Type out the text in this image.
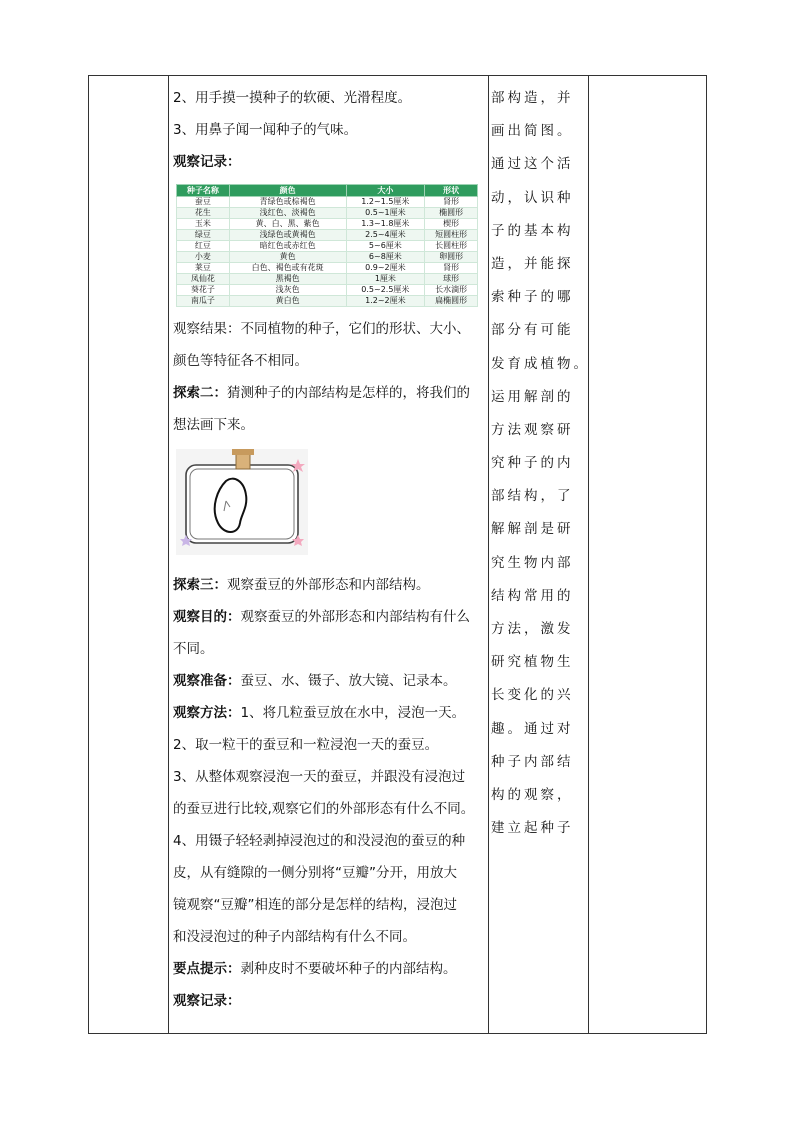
2、用手摸一摸种子的软硬、光滑程度。

3、用鼻子闻一闻种子的气味。

观察记录：

种子名称	颜色	大小	形状
蚕豆	青绿色或棕褐色	1.2~1.5厘米	肾形
花生	浅红色、淡褐色	0.5~1厘米	椭圆形
玉米	黄、白、黑、紫色	1.3~1.8厘米	楔形
绿豆	浅绿色或黄褐色	2.5~4厘米	短圆柱形
红豆	暗红色或赤红色	5~6厘米	长圆柱形
小麦	黄色	6~8厘米	卵圆形
莱豆	白色、褐色或有花斑	0.9~2厘米	肾形
凤仙花	黑褐色	1厘米	球形
葵花子	浅灰色	0.5~2.5厘米	长水滴形
南瓜子	黄白色	1.2~2厘米	扁椭圆形

观察结果：不同植物的种子，它们的形状、大小、

颜色等特征各不相同。

探索二：猜测种子的内部结构是怎样的，将我们的

想法画下来。

探索三：观察蚕豆的外部形态和内部结构。

观察目的：观察蚕豆的外部形态和内部结构有什么

不同。

观察准备：蚕豆、水、镊子、放大镜、记录本。

观察方法：1、将几粒蚕豆放在水中，浸泡一天。

2、取一粒干的蚕豆和一粒浸泡一天的蚕豆。

3、从整体观察浸泡一天的蚕豆，并跟没有浸泡过

的蚕豆进行比较,观察它们的外部形态有什么不同。

4、用镊子轻轻剥掉浸泡过的和没浸泡的蚕豆的种

皮，从有缝隙的一侧分别将“豆瓣”分开，用放大

镜观察“豆瓣”相连的部分是怎样的结构，浸泡过

和没浸泡过的种子内部结构有什么不同。

要点提示：剥种皮时不要破坏种子的内部结构。

观察记录：

部构造，并

画出简图。

通过这个活

动，认识种

子的基本构

造，并能探

索种子的哪

部分有可能

发育成植物。

运用解剖的

方法观察研

究种子的内

部结构，了

解解剖是研

究生物内部

结构常用的

方法，激发

研究植物生

长变化的兴

趣。通过对

种子内部结

构的观察，

建立起种子
